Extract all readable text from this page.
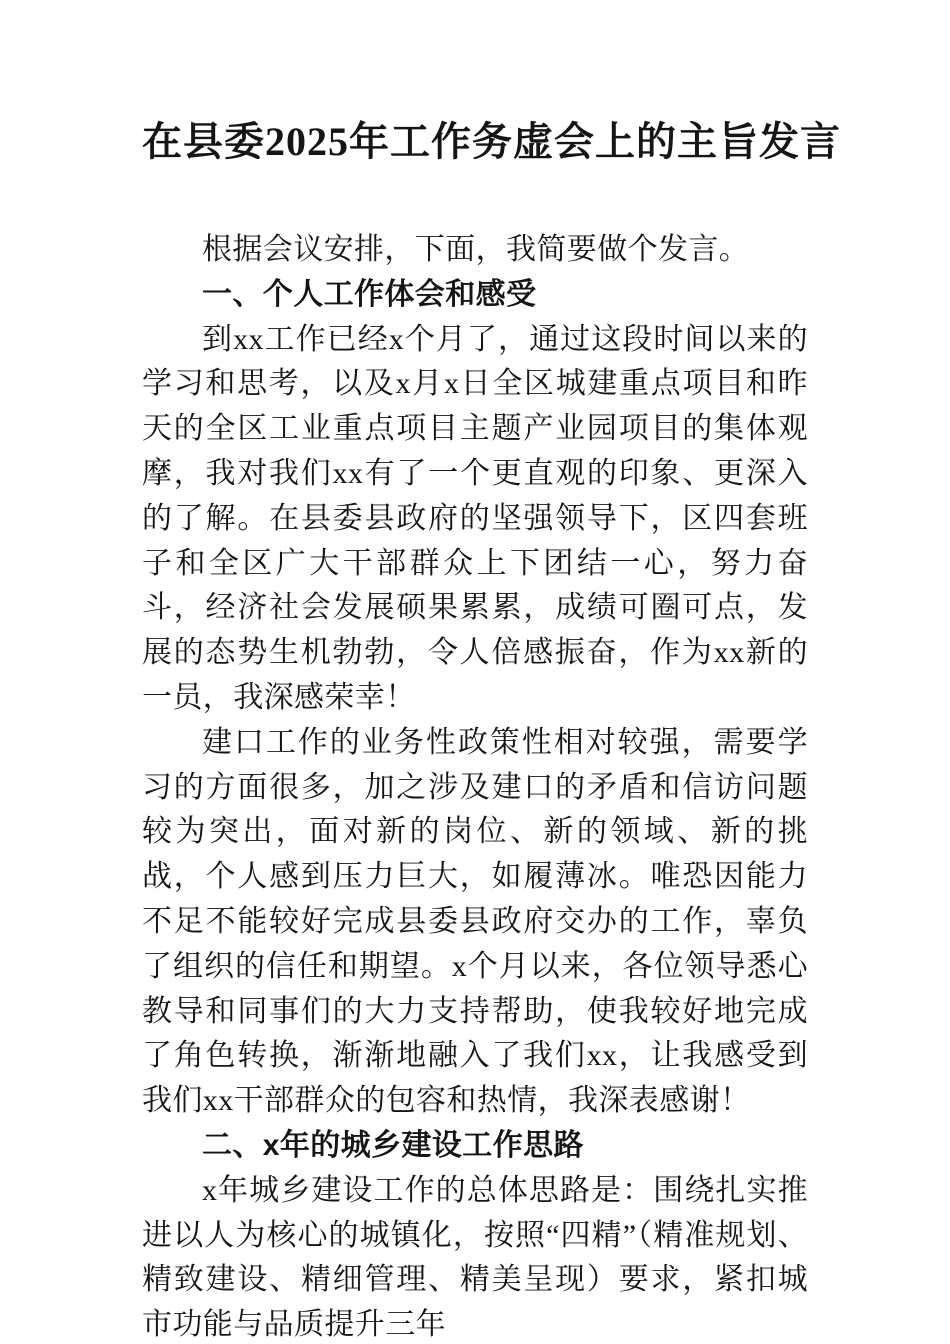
在县委2025年工作务虚会上的主旨发言

根据会议安排，下面，我简要做个发言。

一、个人工作体会和感受

到xx工作已经x个月了，通过这段时间以来的学习和思考，以及x月x日全区城建重点项目和昨天的全区工业重点项目主题产业园项目的集体观摩，我对我们xx有了一个更直观的印象、更深入的了解。在县委县政府的坚强领导下，区四套班子和全区广大干部群众上下团结一心，努力奋斗，经济社会发展硕果累累，成绩可圈可点，发展的态势生机勃勃，令人倍感振奋，作为xx新的一员，我深感荣幸！

建口工作的业务性政策性相对较强，需要学习的方面很多，加之涉及建口的矛盾和信访问题较为突出，面对新的岗位、新的领域、新的挑战，个人感到压力巨大，如履薄冰。唯恐因能力不足不能较好完成县委县政府交办的工作，辜负了组织的信任和期望。x个月以来，各位领导悉心教导和同事们的大力支持帮助，使我较好地完成了角色转换，渐渐地融入了我们xx，让我感受到我们xx干部群众的包容和热情，我深表感谢！

二、x年的城乡建设工作思路

x年城乡建设工作的总体思路是：围绕扎实推进以人为核心的城镇化，按照“四精”（精准规划、精致建设、精细管理、精美呈现）要求，紧扣城市功能与品质提升三年
